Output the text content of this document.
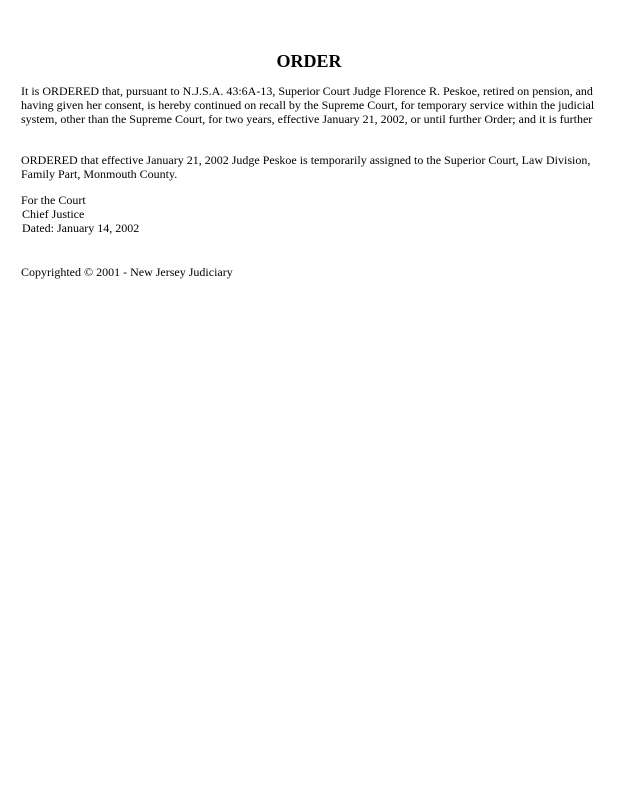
ORDER
It is ORDERED that, pursuant to N.J.S.A. 43:6A-13, Superior Court Judge Florence R. Peskoe, retired on pension, and having given her consent, is hereby continued on recall by the Supreme Court, for temporary service within the judicial system, other than the Supreme Court, for two years, effective January 21, 2002, or until further Order; and it is further
ORDERED that effective January 21, 2002 Judge Peskoe is temporarily assigned to the Superior Court, Law Division, Family Part, Monmouth County.
For the Court
Chief Justice
Dated: January 14, 2002
Copyrighted © 2001 - New Jersey Judiciary
